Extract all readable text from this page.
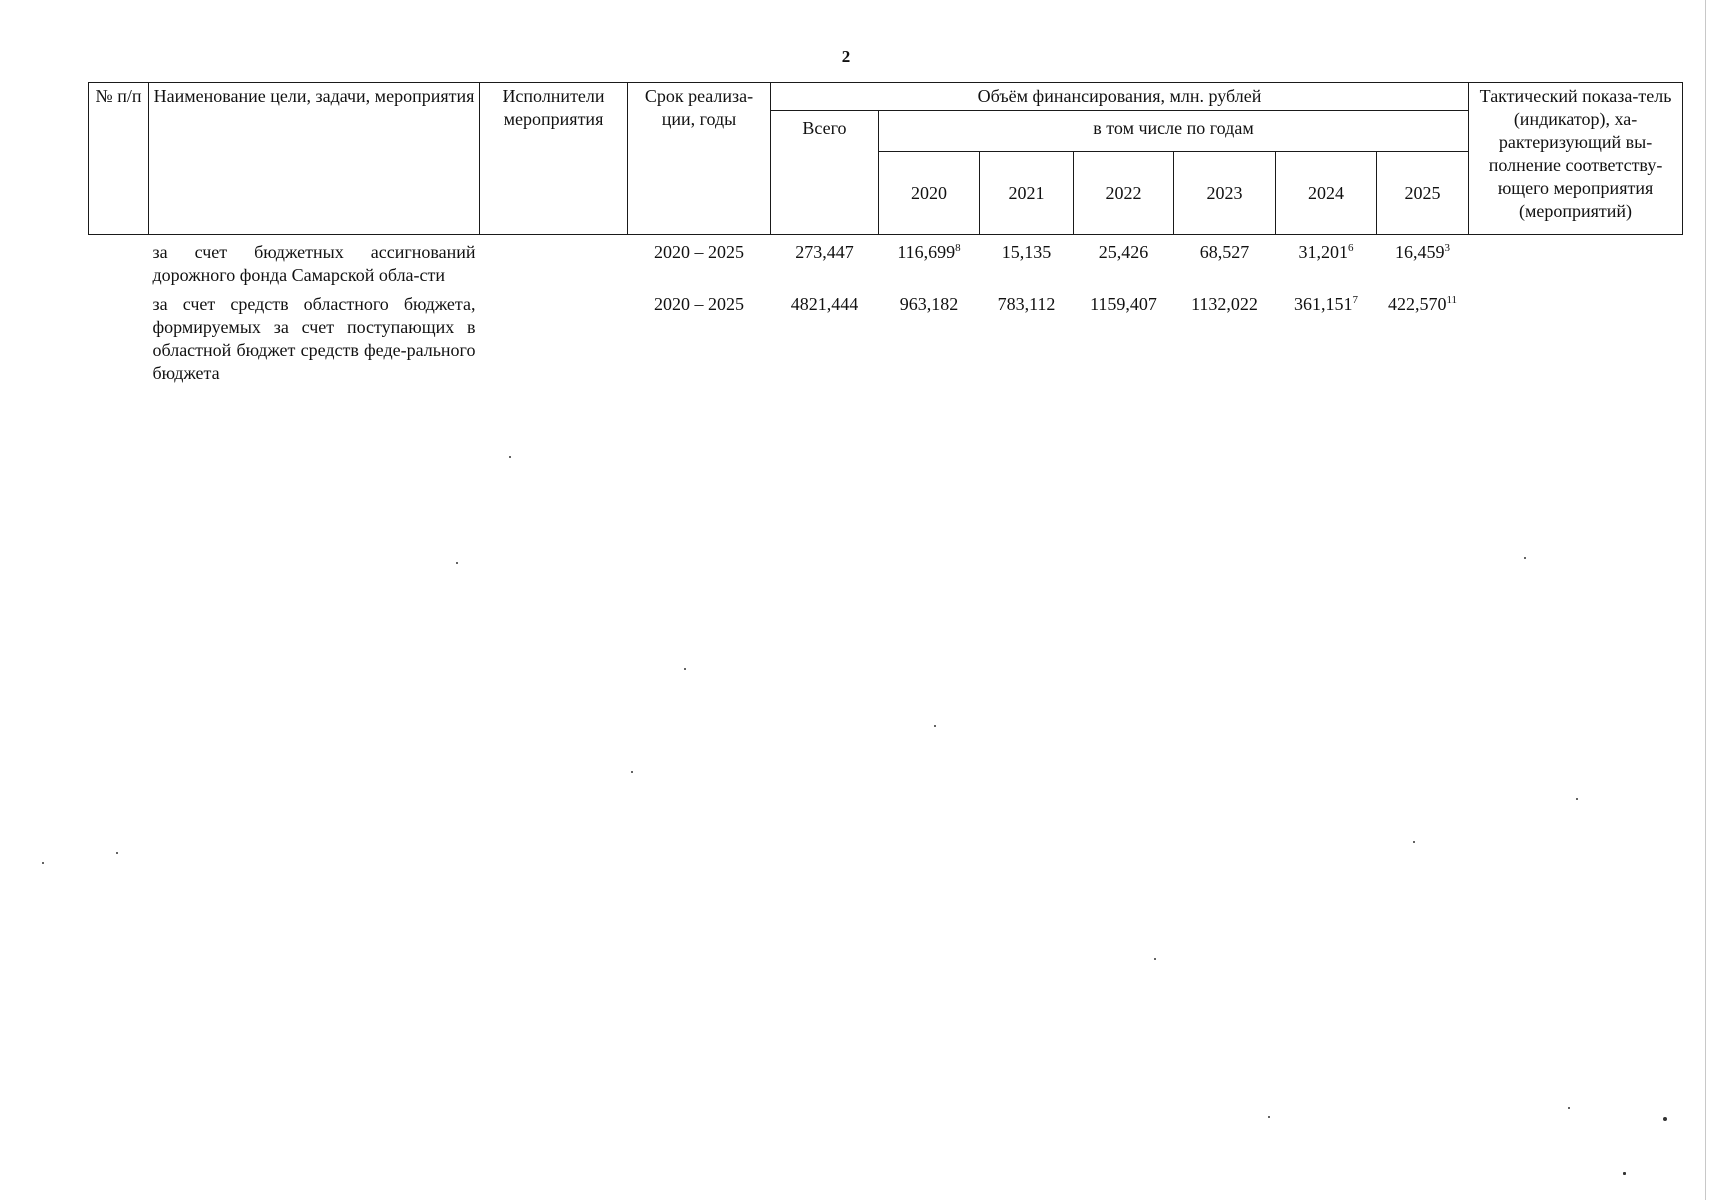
2
№ п/п	Наименование цели, задачи, мероприятия	Исполнители мероприятия	Срок реализа-ции, годы	Объём финансирования, млн. рублей							Тактический показа-тель (индикатор), ха-рактеризующий вы-полнение соответству-ющего мероприятия (мероприятий)
				Всего	в том числе по годам						
					2020	2021	2022	2023	2024	2025	
	за счет бюджетных ассигнований дорожного фонда Самарской обла-сти		2020 – 2025	273,447	116,699$^8$	15,135	25,426	68,527	31,201$^6$	16,459$^3$	
	за счет средств областного бюджета, формируемых за счет поступающих в областной бюджет средств феде-рального бюджета		2020 – 2025	4821,444	963,182	783,112	1159,407	1132,022	361,151$^7$	422,570$^{11}$	
